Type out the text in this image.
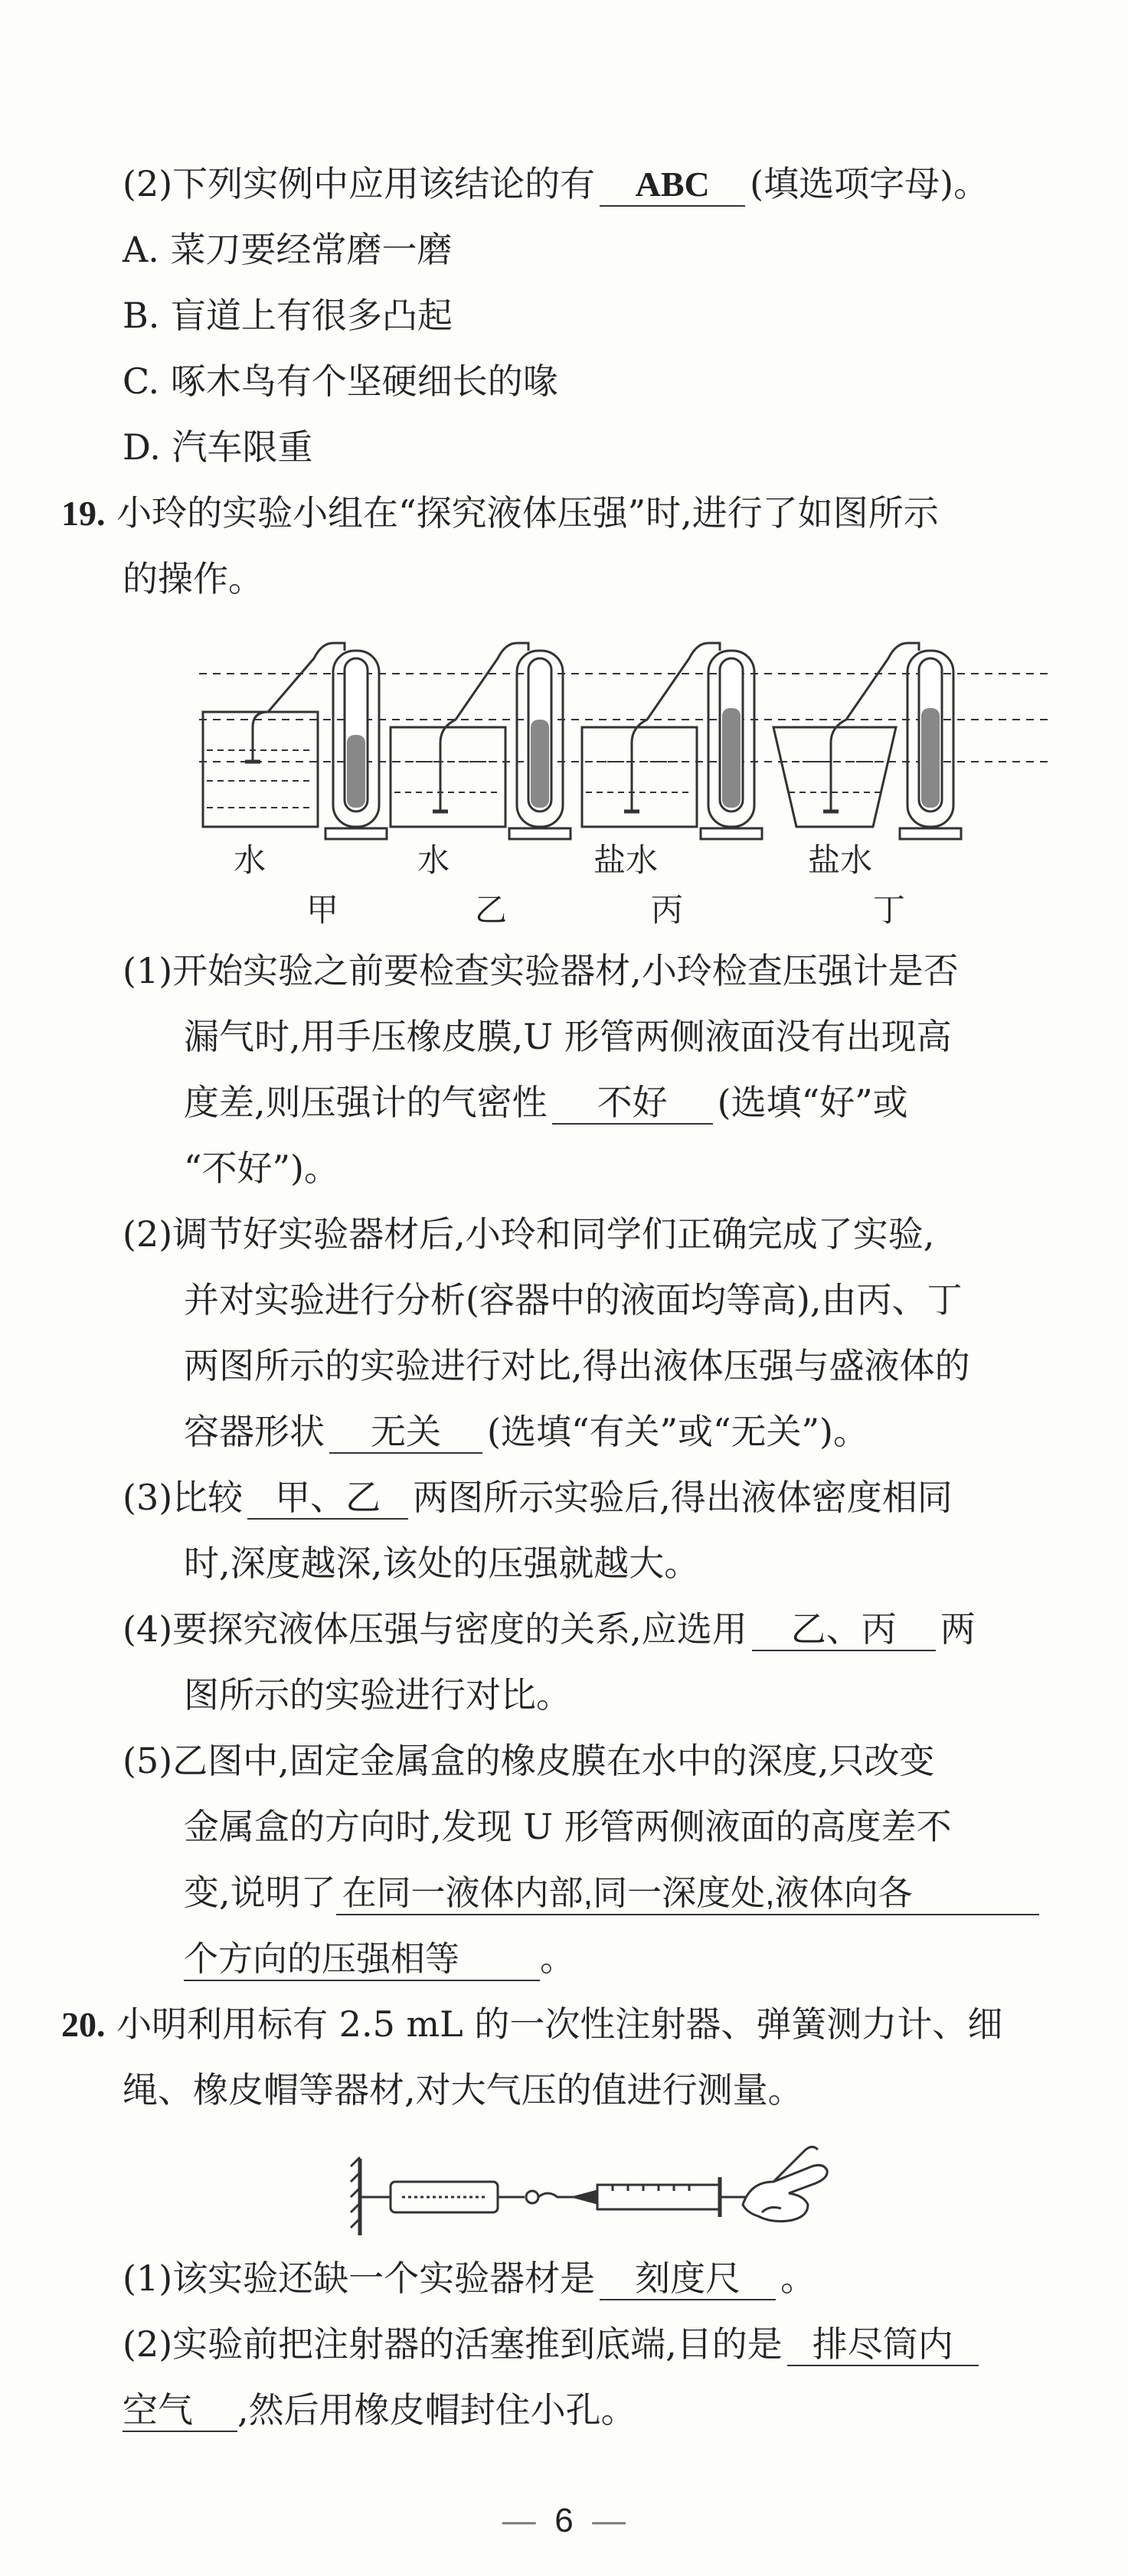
(2)下列实例中应用该结论的有 ABC (填选项字母)。
A. 菜刀要经常磨一磨
B. 盲道上有很多凸起
C. 啄木鸟有个坚硬细长的喙
D. 汽车限重
19. 小玲的实验小组在“探究液体压强”时,进行了如图所示
的操作。
水	水	盐水	盐水
甲	乙	丙	丁
(1)开始实验之前要检查实验器材,小玲检查压强计是否
漏气时,用手压橡皮膜,U 形管两侧液面没有出现高
度差,则压强计的气密性 不好 (选填“好”或
“不好”)。
(2)调节好实验器材后,小玲和同学们正确完成了实验,
并对实验进行分析(容器中的液面均等高),由丙、丁
两图所示的实验进行对比,得出液体压强与盛液体的
容器形状 无关 (选填“有关”或“无关”)。
(3)比较 甲、乙 两图所示实验后,得出液体密度相同
时,深度越深,该处的压强就越大。
(4)要探究液体压强与密度的关系,应选用 乙、丙 两
图所示的实验进行对比。
(5)乙图中,固定金属盒的橡皮膜在水中的深度,只改变
金属盒的方向时,发现 U 形管两侧液面的高度差不
变,说明了 在同一液体内部,同一深度处,液体向各
个方向的压强相等 。
20. 小明利用标有 2.5 mL 的一次性注射器、弹簧测力计、细
绳、橡皮帽等器材,对大气压的值进行测量。
(1)该实验还缺一个实验器材是 刻度尺 。
(2)实验前把注射器的活塞推到底端,目的是 排尽筒内
空气 ,然后用橡皮帽封住小孔。
—  6  —
